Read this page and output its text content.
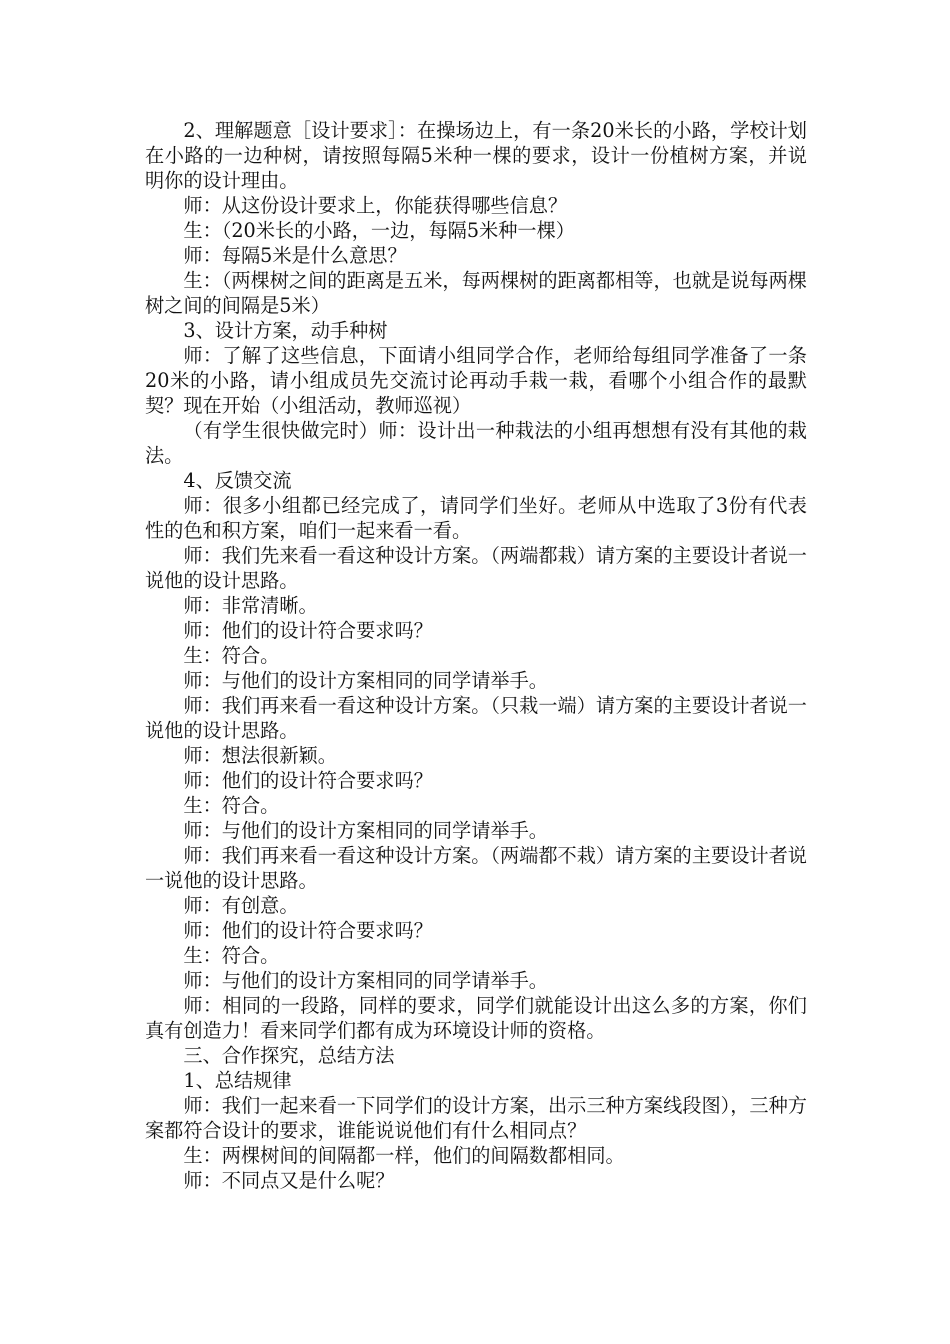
2、理解题意［设计要求］：在操场边上，有一条20米长的小路，学校计划在小路的一边种树，请按照每隔5米种一棵的要求，设计一份植树方案，并说明你的设计理由。

师：从这份设计要求上，你能获得哪些信息？

生：（20米长的小路，一边，每隔5米种一棵）

师：每隔5米是什么意思？

生：（两棵树之间的距离是五米，每两棵树的距离都相等，也就是说每两棵树之间的间隔是5米）

3、设计方案，动手种树

师：了解了这些信息，下面请小组同学合作，老师给每组同学准备了一条20米的小路，请小组成员先交流讨论再动手栽一栽，看哪个小组合作的最默契？现在开始（小组活动，教师巡视）

（有学生很快做完时）师：设计出一种栽法的小组再想想有没有其他的栽法。

4、反馈交流

师：很多小组都已经完成了，请同学们坐好。老师从中选取了3份有代表性的色和积方案，咱们一起来看一看。

师：我们先来看一看这种设计方案。（两端都栽）请方案的主要设计者说一说他的设计思路。

师：非常清晰。

师：他们的设计符合要求吗？

生：符合。

师：与他们的设计方案相同的同学请举手。

师：我们再来看一看这种设计方案。（只栽一端）请方案的主要设计者说一说他的设计思路。

师：想法很新颖。

师：他们的设计符合要求吗？

生：符合。

师：与他们的设计方案相同的同学请举手。

师：我们再来看一看这种设计方案。（两端都不栽）请方案的主要设计者说一说他的设计思路。

师：有创意。

师：他们的设计符合要求吗？

生：符合。

师：与他们的设计方案相同的同学请举手。

师：相同的一段路，同样的要求，同学们就能设计出这么多的方案，你们真有创造力！看来同学们都有成为环境设计师的资格。

三、合作探究，总结方法

1、总结规律

师：我们一起来看一下同学们的设计方案，出示三种方案线段图），三种方案都符合设计的要求，谁能说说他们有什么相同点？

生：两棵树间的间隔都一样，他们的间隔数都相同。

师：不同点又是什么呢？
